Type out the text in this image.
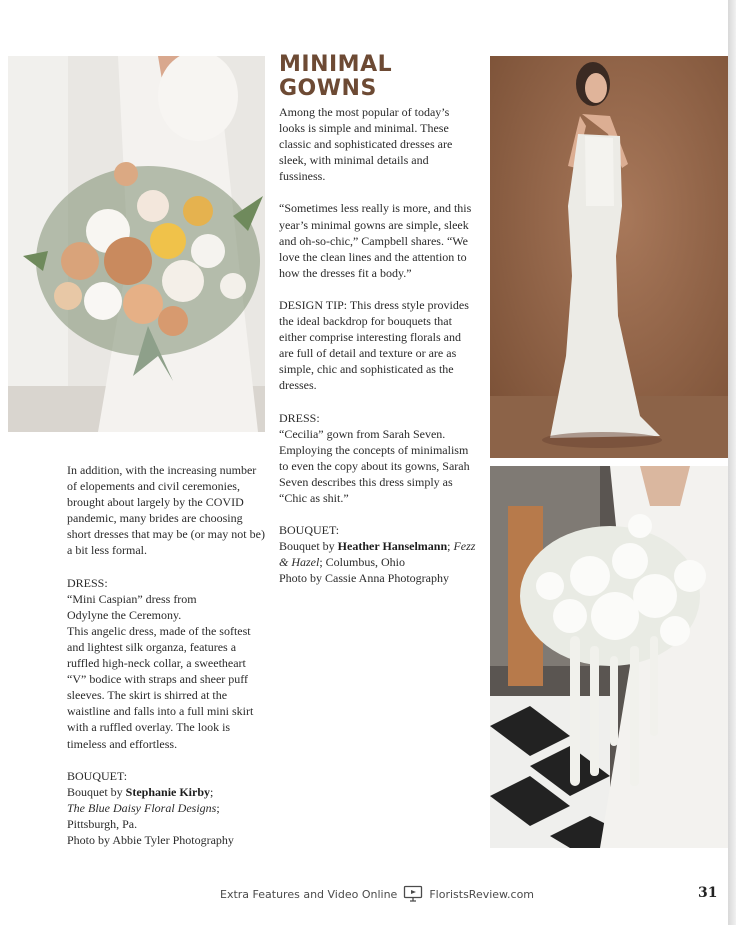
MINIMAL
GOWNS

Among the most popular of today’s looks is simple and minimal. These classic and sophisticated dresses are sleek, with minimal details and fussiness.

“Sometimes less really is more, and this year’s minimal gowns are simple, sleek and oh-so-chic,” Campbell shares. “We love the clean lines and the attention to how the dresses fit a body.”

DESIGN TIP: This dress style provides the ideal backdrop for bouquets that either comprise interesting florals and are full of detail and texture or are as simple, chic and sophisticated as the dresses.

DRESS:
“Cecilia” gown from Sarah Seven. Employing the concepts of minimalism to even the copy about its gowns, Sarah Seven describes this dress simply as “Chic as shit.”

BOUQUET:
Bouquet by Heather Hanselmann; Fezz & Hazel; Columbus, Ohio
Photo by Cassie Anna Photography

In addition, with the increasing number of elopements and civil ceremonies, brought about largely by the COVID pandemic, many brides are choosing short dresses that may be (or may not be) a bit less formal.

DRESS:
“Mini Caspian” dress from
Odylyne the Ceremony.
This angelic dress, made of the softest and lightest silk organza, features a ruffled high-neck collar, a sweetheart “V” bodice with straps and sheer puff sleeves. The skirt is shirred at the waistline and falls into a full mini skirt with a ruffled overlay. The look is timeless and effortless.

BOUQUET:
Bouquet by Stephanie Kirby;
The Blue Daisy Floral Designs;
Pittsburgh, Pa.
Photo by Abbie Tyler Photography

Extra Features and Video Online	FloristsReview.com	31
